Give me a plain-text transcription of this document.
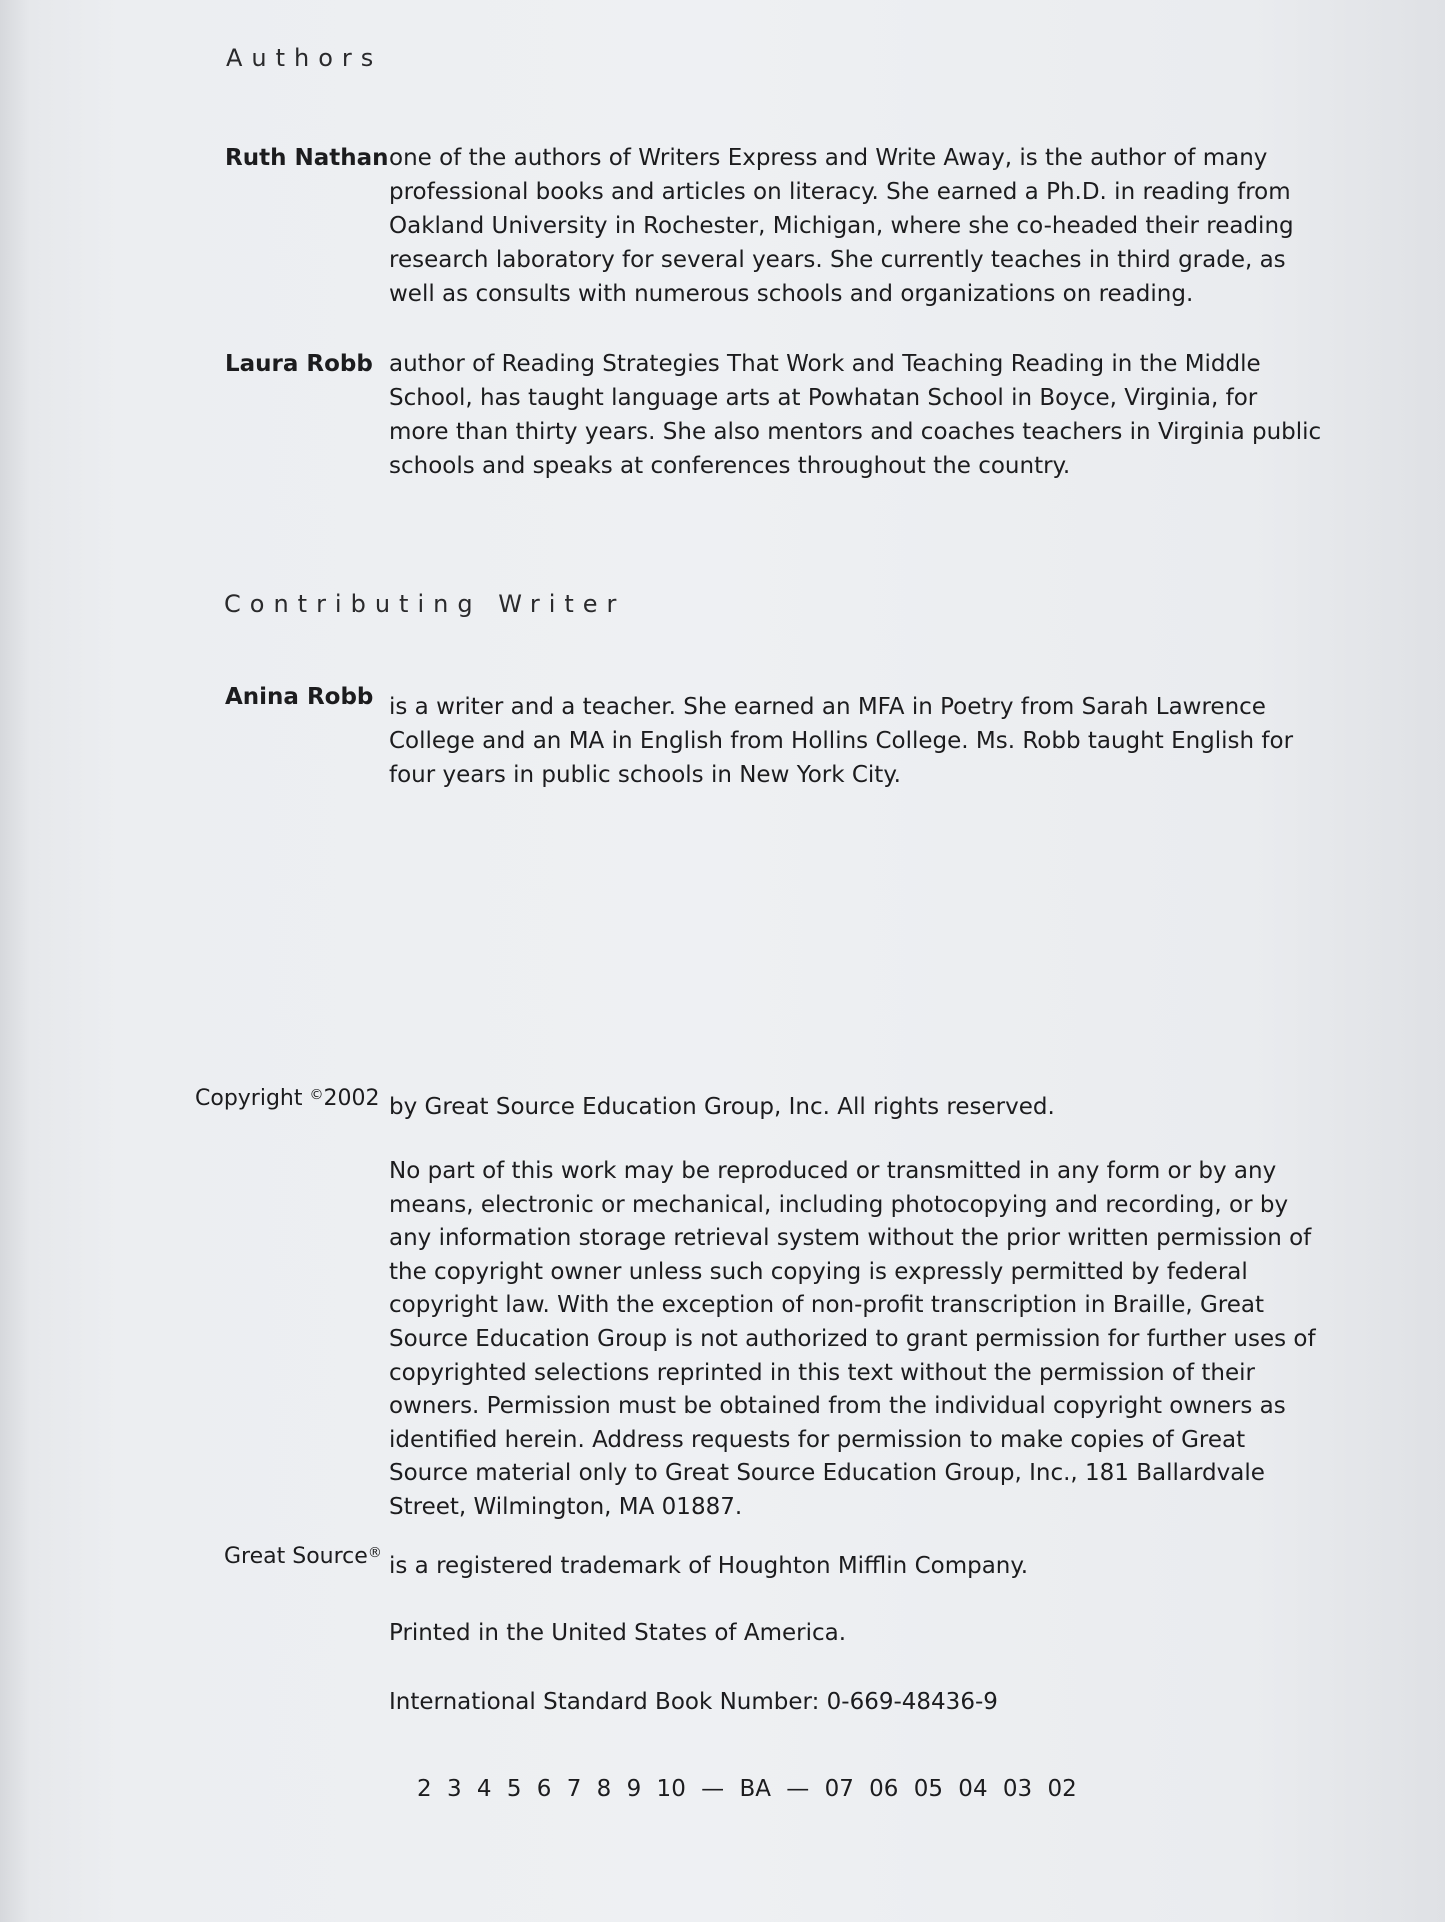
Authors
Ruth Nathan one of the authors of Writers Express and Write Away, is the author of many
professional books and articles on literacy. She earned a Ph.D. in reading from
Oakland University in Rochester, Michigan, where she co-headed their reading
research laboratory for several years. She currently teaches in third grade, as
well as consults with numerous schools and organizations on reading.
Laura Robb author of Reading Strategies That Work and Teaching Reading in the Middle
School, has taught language arts at Powhatan School in Boyce, Virginia, for
more than thirty years. She also mentors and coaches teachers in Virginia public
schools and speaks at conferences throughout the country.
Contributing Writer
Anina Robb is a writer and a teacher. She earned an MFA in Poetry from Sarah Lawrence
College and an MA in English from Hollins College. Ms. Robb taught English for
four years in public schools in New York City.
Copyright ©2002 by Great Source Education Group, Inc. All rights reserved.
No part of this work may be reproduced or transmitted in any form or by any
means, electronic or mechanical, including photocopying and recording, or by
any information storage retrieval system without the prior written permission of
the copyright owner unless such copying is expressly permitted by federal
copyright law. With the exception of non-profit transcription in Braille, Great
Source Education Group is not authorized to grant permission for further uses of
copyrighted selections reprinted in this text without the permission of their
owners. Permission must be obtained from the individual copyright owners as
identified herein. Address requests for permission to make copies of Great
Source material only to Great Source Education Group, Inc., 181 Ballardvale
Street, Wilmington, MA 01887.
Great Source® is a registered trademark of Houghton Mifflin Company.
Printed in the United States of America.
International Standard Book Number: 0-669-48436-9
2 3 4 5 6 7 8 9 10 — BA — 07 06 05 04 03 02
